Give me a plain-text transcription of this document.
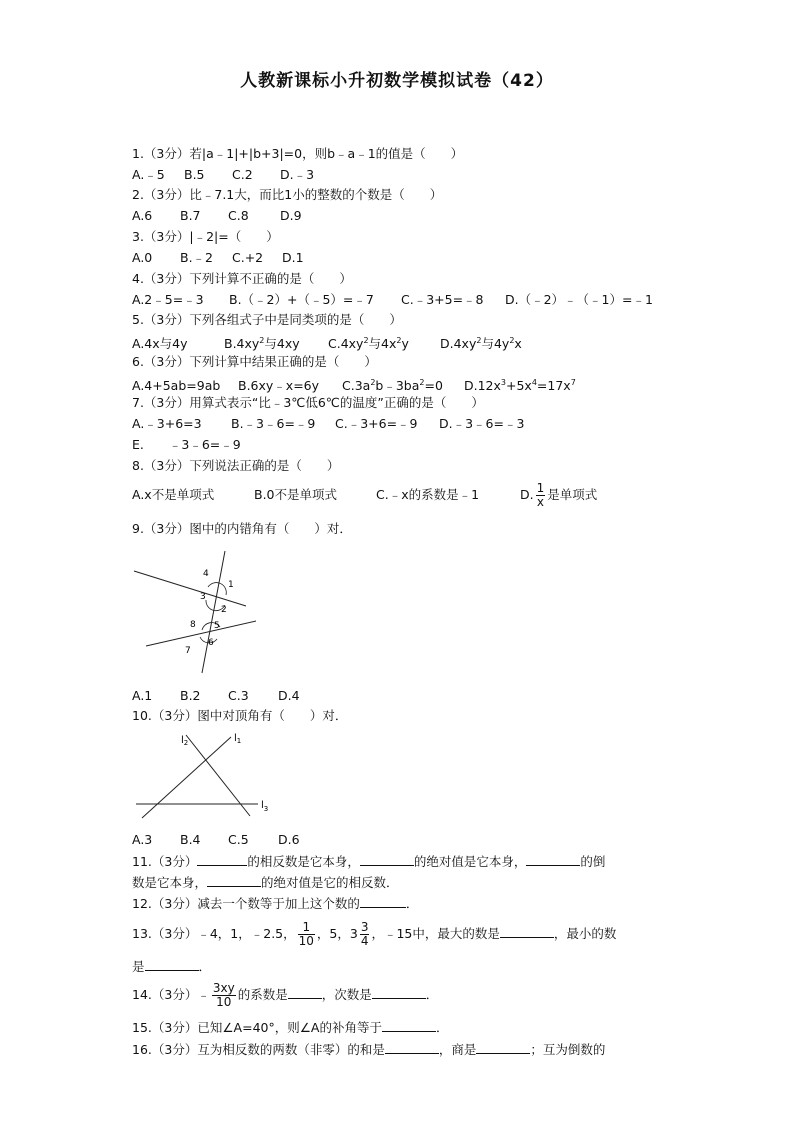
人教新课标小升初数学模拟试卷（42）
1.（3分）若|a﹣1|+|b+3|=0，则b﹣a﹣1的值是（　　）
A.﹣5 B.5 C.2 D.﹣3
2.（3分）比﹣7.1大，而比1小的整数的个数是（　　）
A.6 B.7 C.8	D.9
3.（3分）|﹣2|=（　　）
A.0 B.﹣2 C.+2 D.1
4.（3分）下列计算不正确的是（　　）
A.2﹣5=﹣3 B.（﹣2）+（﹣5）=﹣7 C.﹣3+5=﹣8 D.（﹣2）﹣（﹣1）=﹣1
5.（3分）下列各组式子中是同类项的是（　　）
A.4x与4y	$B.4xy^2$与4xy $C.4xy^2$与$4x^2y$ $D.4xy^2$与$4y^2x$
6.（3分）下列计算中结果正确的是（　　）
A.4+5ab=9ab B.6xy﹣x=6y $C.3a^2b﹣3ba^2=0$ $D.12x^3+5x^4=17x^7$
7.（3分）用算式表示“比﹣3℃低6℃的温度”正确的是（　　）
A.﹣3+6=3 B.﹣3﹣6=﹣9 C.﹣3+6=﹣9 D.﹣3﹣6=﹣3
E.　　﹣3﹣6=﹣9
8.（3分）下列说法正确的是（　　）
A.x不是单项式	B.0不是单项式	C.﹣x的系数是﹣1	D. $\frac{1}{x}$ 是单项式
9.（3分）图中的内错角有（　　）对．
1
2
3
4
5
6
7
8
A.1 B.2 C.3 D.4
10.（3分）图中对顶角有（　　）对．
$l_2$	$l_1$
$l_3$
A.3 B.4 C.5 D.6
11.（3分）	的相反数是它本身，	的绝对值是它本身，	的倒
数是它本身，	的绝对值是它的相反数．
12.（3分）减去一个数等于加上这个数的	．
13.（3分）﹣4，1，﹣2.5， $\frac{1}{10}$ ，5，$3 \frac{3}{4}$ ，﹣15中，最大的数是	，最小的数
是	．
14.（3分）﹣ $\frac{3xy}{10}$ 的系数是	，次数是	．
15.（3分）已知∠A=40°，则∠A的补角等于	．
16.（3分）互为相反数的两数（非零）的和是	，商是	；互为倒数的
